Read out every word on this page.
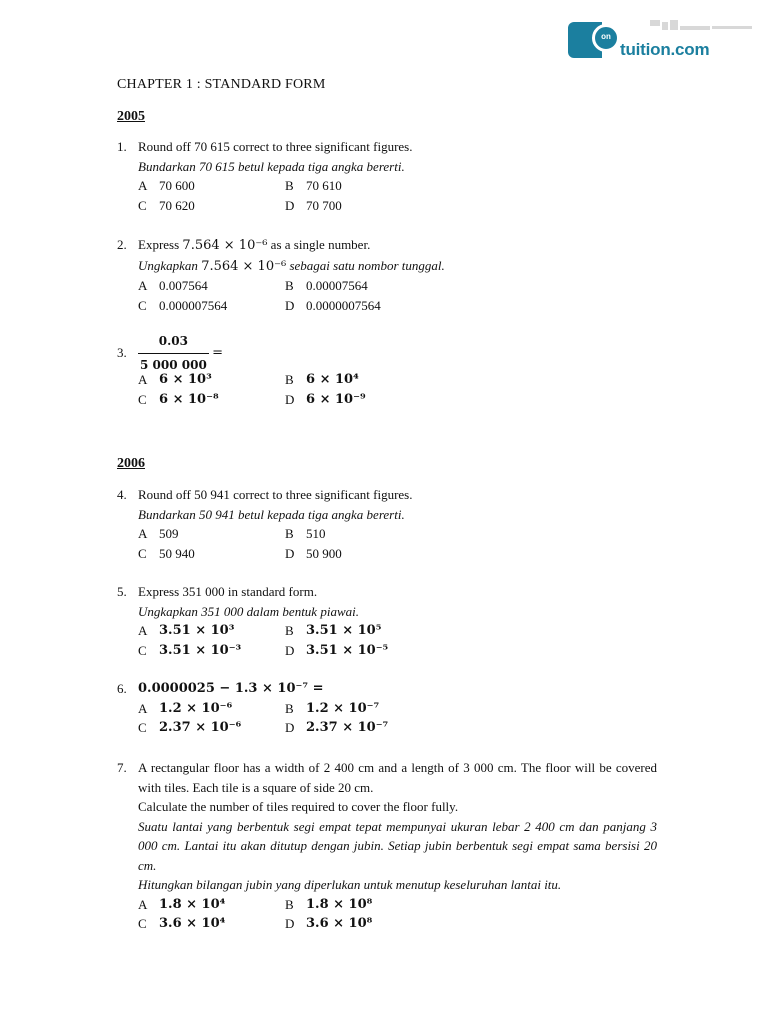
on
tuition.com
CHAPTER 1 : STANDARD FORM
2005
1. Round off 70 615 correct to three significant figures.
Bundarkan 70 615 betul kepada tiga angka bererti.
A 70 600	B 70 610
C 70 620	D 70 700
2. Express 7.564 × 10⁻⁶ as a single number.
Ungkapkan 7.564 × 10⁻⁶ sebagai satu nombor tunggal.
A 0.007564	B 0.00007564
C 0.000007564	D 0.0000007564
3. $\frac{0.03}{5 000 000}$ =
A 6 × 10³	B 6 × 10⁴
C 6 × 10⁻⁸	D 6 × 10⁻⁹
2006
4. Round off 50 941 correct to three significant figures.
Bundarkan 50 941 betul kepada tiga angka bererti.
A 509	B 510
C 50 940	D 50 900
5. Express 351 000 in standard form.
Ungkapkan 351 000 dalam bentuk piawai.
A 3.51 × 10³	B 3.51 × 10⁵
C 3.51 × 10⁻³	D 3.51 × 10⁻⁵
6. 0.0000025 − 1.3 × 10⁻⁷ =
A 1.2 × 10⁻⁶	B 1.2 × 10⁻⁷
C 2.37 × 10⁻⁶	D 2.37 × 10⁻⁷
7. A rectangular floor has a width of 2 400 cm and a length of 3 000 cm. The floor will be covered with tiles. Each tile is a square of side 20 cm.
Calculate the number of tiles required to cover the floor fully.
Suatu lantai yang berbentuk segi empat tepat mempunyai ukuran lebar 2 400 cm dan panjang 3 000 cm. Lantai itu akan ditutup dengan jubin. Setiap jubin berbentuk segi empat sama bersisi 20 cm.
Hitungkan bilangan jubin yang diperlukan untuk menutup keseluruhan lantai itu.
A 1.8 × 10⁴	B 1.8 × 10⁸
C 3.6 × 10⁴	D 3.6 × 10⁸
